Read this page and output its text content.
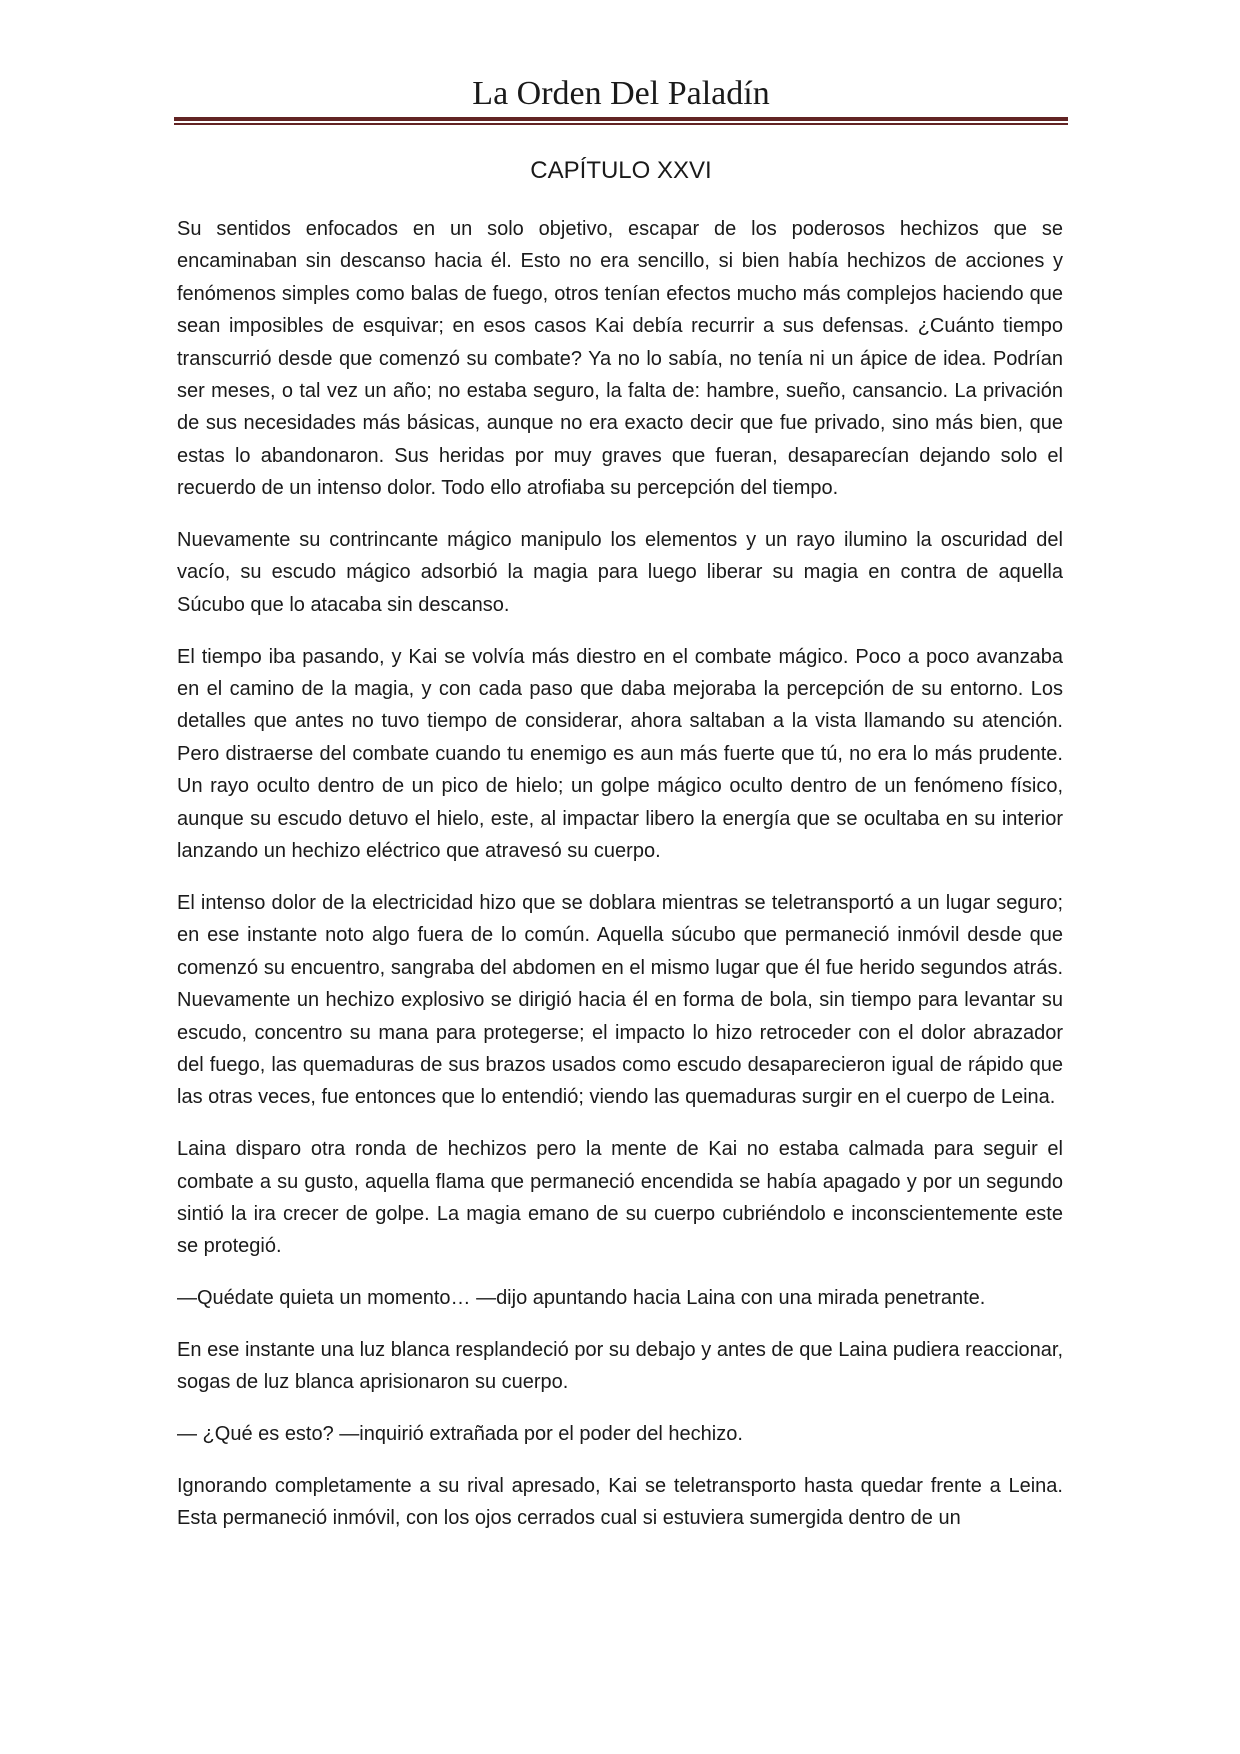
La Orden Del Paladín
CAPÍTULO XXVI

Su sentidos enfocados en un solo objetivo, escapar de los poderosos hechizos que se encaminaban sin descanso hacia él. Esto no era sencillo, si bien había hechizos de acciones y fenómenos simples como balas de fuego, otros tenían efectos mucho más complejos haciendo que sean imposibles de esquivar; en esos casos Kai debía recurrir a sus defensas. ¿Cuánto tiempo transcurrió desde que comenzó su combate? Ya no lo sabía, no tenía ni un ápice de idea. Podrían ser meses, o tal vez un año; no estaba seguro, la falta de: hambre, sueño, cansancio. La privación de sus necesidades más básicas, aunque no era exacto decir que fue privado, sino más bien, que estas lo abandonaron. Sus heridas por muy graves que fueran, desaparecían dejando solo el recuerdo de un intenso dolor. Todo ello atrofiaba su percepción del tiempo.

Nuevamente su contrincante mágico manipulo los elementos y un rayo ilumino la oscuridad del vacío, su escudo mágico adsorbió la magia para luego liberar su magia en contra de aquella Súcubo que lo atacaba sin descanso.

El tiempo iba pasando, y Kai se volvía más diestro en el combate mágico. Poco a poco avanzaba en el camino de la magia, y con cada paso que daba mejoraba la percepción de su entorno. Los detalles que antes no tuvo tiempo de considerar, ahora saltaban a la vista llamando su atención. Pero distraerse del combate cuando tu enemigo es aun más fuerte que tú, no era lo más prudente. Un rayo oculto dentro de un pico de hielo; un golpe mágico oculto dentro de un fenómeno físico, aunque su escudo detuvo el hielo, este, al impactar libero la energía que se ocultaba en su interior lanzando un hechizo eléctrico que atravesó su cuerpo.

El intenso dolor de la electricidad hizo que se doblara mientras se teletransportó a un lugar seguro; en ese instante noto algo fuera de lo común. Aquella súcubo que permaneció inmóvil desde que comenzó su encuentro, sangraba del abdomen en el mismo lugar que él fue herido segundos atrás. Nuevamente un hechizo explosivo se dirigió hacia él en forma de bola, sin tiempo para levantar su escudo, concentro su mana para protegerse; el impacto lo hizo retroceder con el dolor abrazador del fuego, las quemaduras de sus brazos usados como escudo desaparecieron igual de rápido que las otras veces, fue entonces que lo entendió; viendo las quemaduras surgir en el cuerpo de Leina.

Laina disparo otra ronda de hechizos pero la mente de Kai no estaba calmada para seguir el combate a su gusto, aquella flama que permaneció encendida se había apagado y por un segundo sintió la ira crecer de golpe. La magia emano de su cuerpo cubriéndolo e inconscientemente este se protegió.

—Quédate quieta un momento… —dijo apuntando hacia Laina con una mirada penetrante.

En ese instante una luz blanca resplandeció por su debajo y antes de que Laina pudiera reaccionar, sogas de luz blanca aprisionaron su cuerpo.

— ¿Qué es esto? —inquirió extrañada por el poder del hechizo.

Ignorando completamente a su rival apresado, Kai se teletransporto hasta quedar frente a Leina. Esta permaneció inmóvil, con los ojos cerrados cual si estuviera sumergida dentro de un
